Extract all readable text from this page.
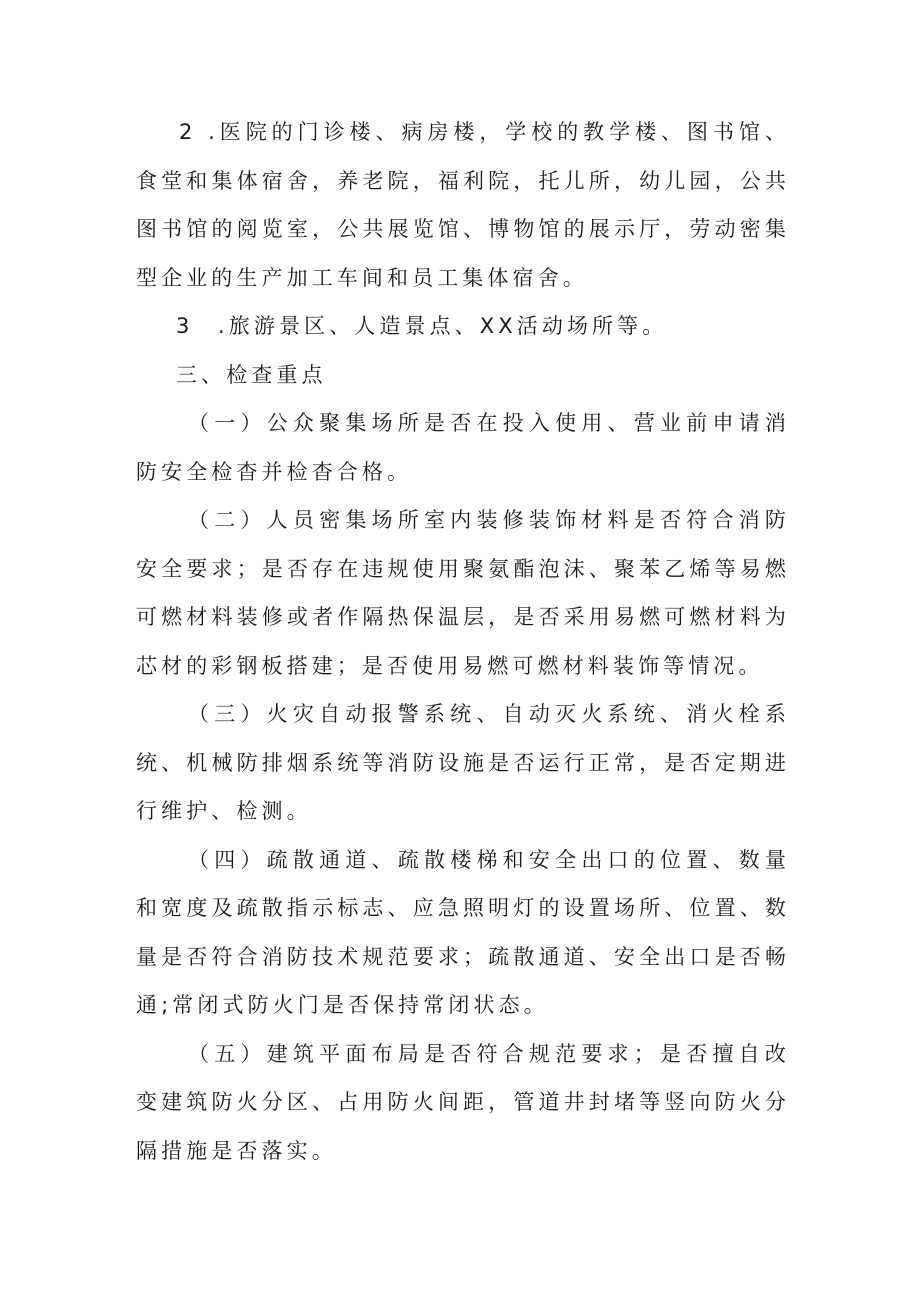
2 .医院的门诊楼、病房楼，学校的教学楼、图书馆、食堂和集体宿舍，养老院，福利院，托儿所，幼儿园，公共图书馆的阅览室，公共展览馆、博物馆的展示厅，劳动密集型企业的生产加工车间和员工集体宿舍。

3 .旅游景区、人造景点、XX活动场所等。

三、检查重点

（一）公众聚集场所是否在投入使用、营业前申请消防安全检杳并检杳合格。

（二）人员密集场所室内装修装饰材料是否符合消防安全要求；是否存在违规使用聚氨酯泡沫、聚苯乙烯等易燃可燃材料装修或者作隔热保温层，是否采用易燃可燃材料为芯材的彩钢板搭建；是否使用易燃可燃材料装饰等情况。

（三）火灾自动报警系统、自动灭火系统、消火栓系统、机械防排烟系统等消防设施是否运行正常，是否定期进行维护、检测。

（四）疏散通道、疏散楼梯和安全出口的位置、数量和宽度及疏散指示标志、应急照明灯的设置场所、位置、数量是否符合消防技术规范要求；疏散通道、安全出口是否畅通;常闭式防火门是否保持常闭状态。

（五）建筑平面布局是否符合规范要求；是否擅自改变建筑防火分区、占用防火间距，管道井封堵等竖向防火分隔措施是否落实。
